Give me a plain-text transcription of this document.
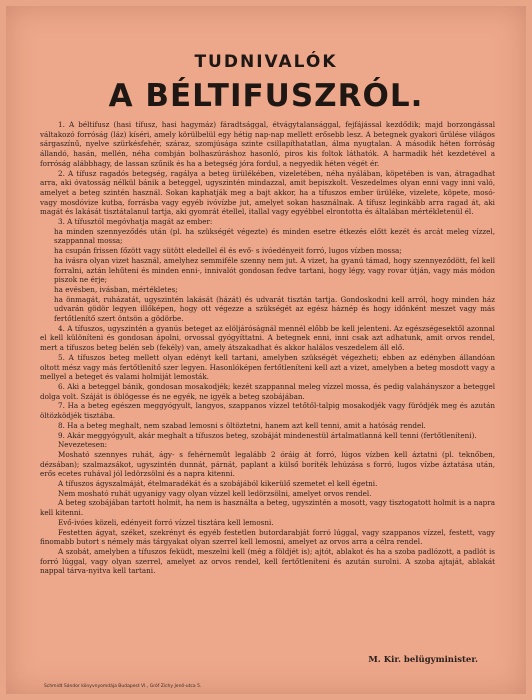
TUDNIVALÓK
A BÉLTIFUSZRÓL.

1. A béltifusz (hasi tífusz, hasi hagymáz) fáradtsággal, étvágytalansággal, fejfájással kezdődik; majd borzongással váltakozó forróság (láz) kíséri, amely körülbelül egy hétig nap-nap mellett erősebb lesz. A betegnek gyakori űrülése világos sárgaszínű, nyelve szürkésfehér, száraz, szomjúsága szinte csillapíthatatlan, álma nyugtalan. A második héten forróság állandó, hasán, mellén, néha combján bolhaszúráshoz hasonló, piros kis foltok láthatók. A harmadik hét kezdetével a forróság alábbhagy, de lassan szűnik és ha a betegség jóra fordul, a negyedik héten végét ér.

2. A tífusz ragadós betegség, ragálya a beteg ürülékében, vizeletében, néha nyálában, köpetében is van, átragadhat arra, aki óvatosság nélkül bánik a beteggel, ugyszintén mindazzal, amit bepiszkolt. Veszedelmes olyan enni vagy inni való, amelyet a beteg szintén használ. Sokan kaphatják meg a bajt akkor, ha a tífuszos ember ürüléke, vizelete, köpete, mosó- vagy mosdóvize kutba, forrásba vagy egyéb ivóvízbe jut, amelyet sokan használnak. A tífusz leginkább arra ragad át, aki magát és lakását tisztátalanul tartja, aki gyomrát étellel, itallal vagy egyébbel elrontotta és általában mértékletenül él.

3. A tífusztól megóvhatja magát az ember:

ha minden szennyeződés után (pl. ha szükségét végezte) és minden esetre étkezés előtt kezét és arcát meleg vízzel, szappannal mossa;

ha csupán frissen főzött vagy sütött eledellel él és evő- s ivóedényeit forró, lugos vízben mossa;

ha ivásra olyan vizet használ, amelyhez semmiféle szenny nem jut. A vizet, ha gyanú támad, hogy szennyeződött, fel kell forralni, aztán lehűteni és minden enni-, innivalót gondosan fedve tartani, hogy légy, vagy rovar útján, vagy más módon piszok ne érje;

ha evésben, ivásban, mértékletes;

ha önmagát, ruházatát, ugyszintén lakását (házát) és udvarát tisztán tartja. Gondoskodni kell arról, hogy minden ház udvarán gödör legyen illőképen, hogy ott végezze a szükségét az egész háznép és hogy időnként meszet vagy más fertőtlenítő szert öntsön a gödörbe.

4. A tífuszos, ugyszintén a gyanús beteget az elöljáróságnál mennél előbb be kell jelenteni. Az egészségesektől azonnal el kell különíteni és gondosan ápolni, orvossal gyógyíttatni. A betegnek enni, inni csak azt adhatunk, amit orvos rendel, mert a tífuszos beteg belén seb (fekély) van, amely átszakadhat és akkor halálos veszedelem áll elő.

5. A tífuszos beteg mellett olyan edényt kell tartani, amelyben szükségét végezheti; ebben az edényben állandóan oltott mész vagy más fertőtlenítő szer legyen. Hasonlóképen fertőtleníteni kell azt a vizet, amelyben a beteg mosdott vagy a mellyel a beteget és valami holmiját lemosták.

6. Aki a beteggel bánik, gondosan mosakodjék; kezét szappannal meleg vízzel mossa, és pedig valahányszor a beteggel dolga volt. Száját is öblögesse és ne egyék, ne igyék a beteg szobájában.

7. Ha a beteg egészen meggyógyult, langyos, szappanos vízzel tetőtől-talpig mosakodjék vagy fürödjék meg és azután öltözködjék tisztába.

8. Ha a beteg meghalt, nem szabad lemosni s öltöztetni, hanem azt kell tenni, amit a hatóság rendel.

9. Akár meggyógyult, akár meghalt a tífuszos beteg, szobáját mindenestül ártalmatlanná kell tenni (fertőtleníteni).

Nevezetesen:

Mosható szennyes ruhát, ágy- s fehérneműt legalább 2 óráig át forró, lúgos vízben kell áztatni (pl. teknőben, dézsában); szalmazsákot, ugyszintén dunnát, párnát, paplant a külső boríték lehúzása s forró, lugos vízbe áztatása után, erős ecetes ruhával jól ledörzsölni és a napra kitenni.

A tífuszos ágyszalmáját, ételmaradékát és a szobájából kikerülő szemetet el kell égetni.

Nem mosható ruhát ugyanigy vagy olyan vízzel kell ledörzsölni, amelyet orvos rendel.

A beteg szobájában tartott holmit, ha nem is használta a beteg, ugyszintén a mosott, vagy tisztogatott holmit is a napra kell kitenni.

Evő-ivóes közeli, edényeit forró vízzel tisztára kell lemosni.

Festetten ágyat, széket, szekrényt és egyéb festetlen butordarabját forró lúggal, vagy szappanos vízzel, festett, vagy finomabb butort s némely más tárgyakat olyan szerrel kell lemosni, amelyet az orvos arra a célra rendel.

A szobát, amelyben a tífuszos feküdt, meszelni kell (még a földjét is); ajtót, ablakot és ha a szoba padlózott, a padlót is forró lúggal, vagy olyan szerrel, amelyet az orvos rendel, kell fertőtleníteni és azután surolni. A szoba ajtaját, ablakát nappal tárva-nyitva kell tartani.

M. Kir. belügyminister.
Schmidt Sándor könyvnyomdája Budapest VI., Gróf Zichy Jenő-utca 5.
